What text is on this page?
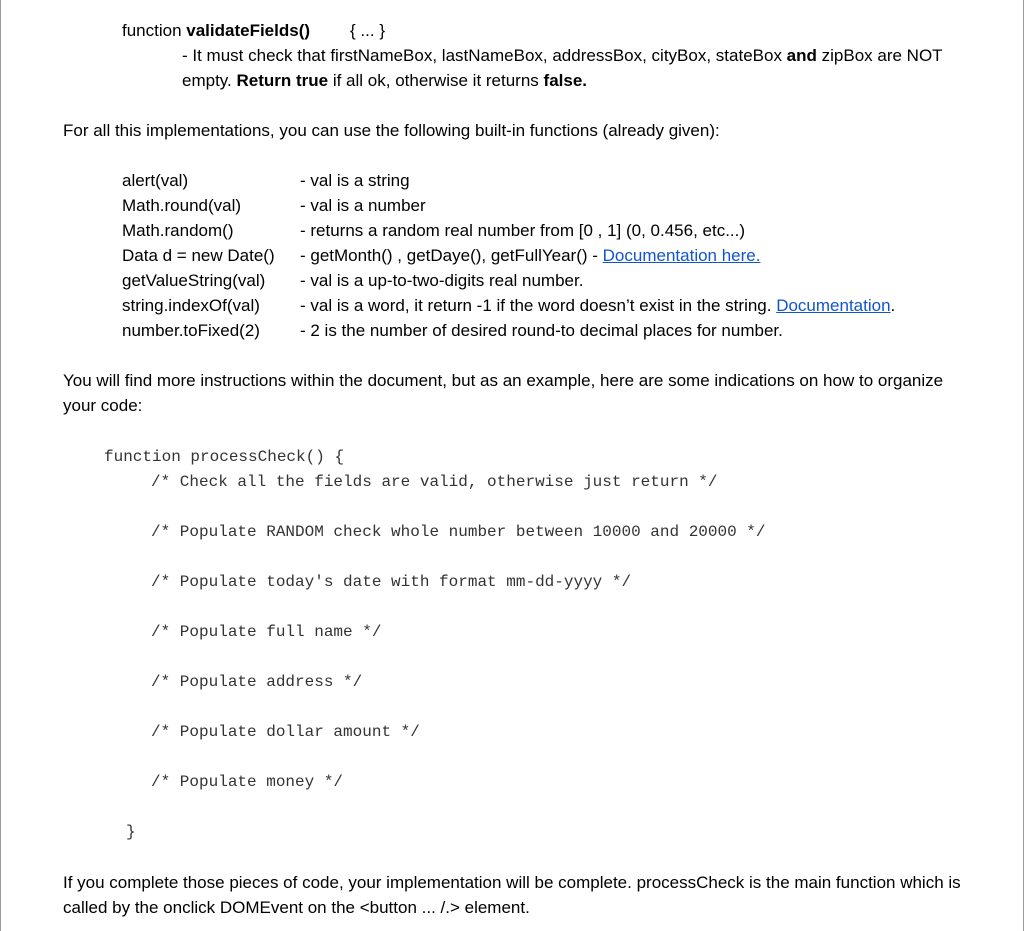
function validateFields() { ... }
- It must check that firstNameBox, lastNameBox, addressBox, cityBox, stateBox and zipBox are NOT empty. Return true if all ok, otherwise it returns false.
For all this implementations, you can use the following built-in functions (already given):
alert(val)	- val is a string
Math.round(val)	- val is a number
Math.random()	- returns a random real number from [0 , 1] (0, 0.456, etc...)
Data d = new Date()	- getMonth() , getDaye(), getFullYear() - Documentation here.
getValueString(val)	- val is a up-to-two-digits real number.
string.indexOf(val)	- val is a word, it return -1 if the word doesn’t exist in the string. Documentation.
number.toFixed(2)	- 2 is the number of desired round-to decimal places for number.
You will find more instructions within the document, but as an example, here are some indications on how to organize your code:
function processCheck() {
/* Check all the fields are valid, otherwise just return */
/* Populate RANDOM check whole number between 10000 and 20000 */
/* Populate today's date with format mm-dd-yyyy */
/* Populate full name */
/* Populate address */
/* Populate dollar amount */
/* Populate money */
}
If you complete those pieces of code, your implementation will be complete. processCheck is the main function which is called by the onclick DOMEvent on the <button ... /.> element.
